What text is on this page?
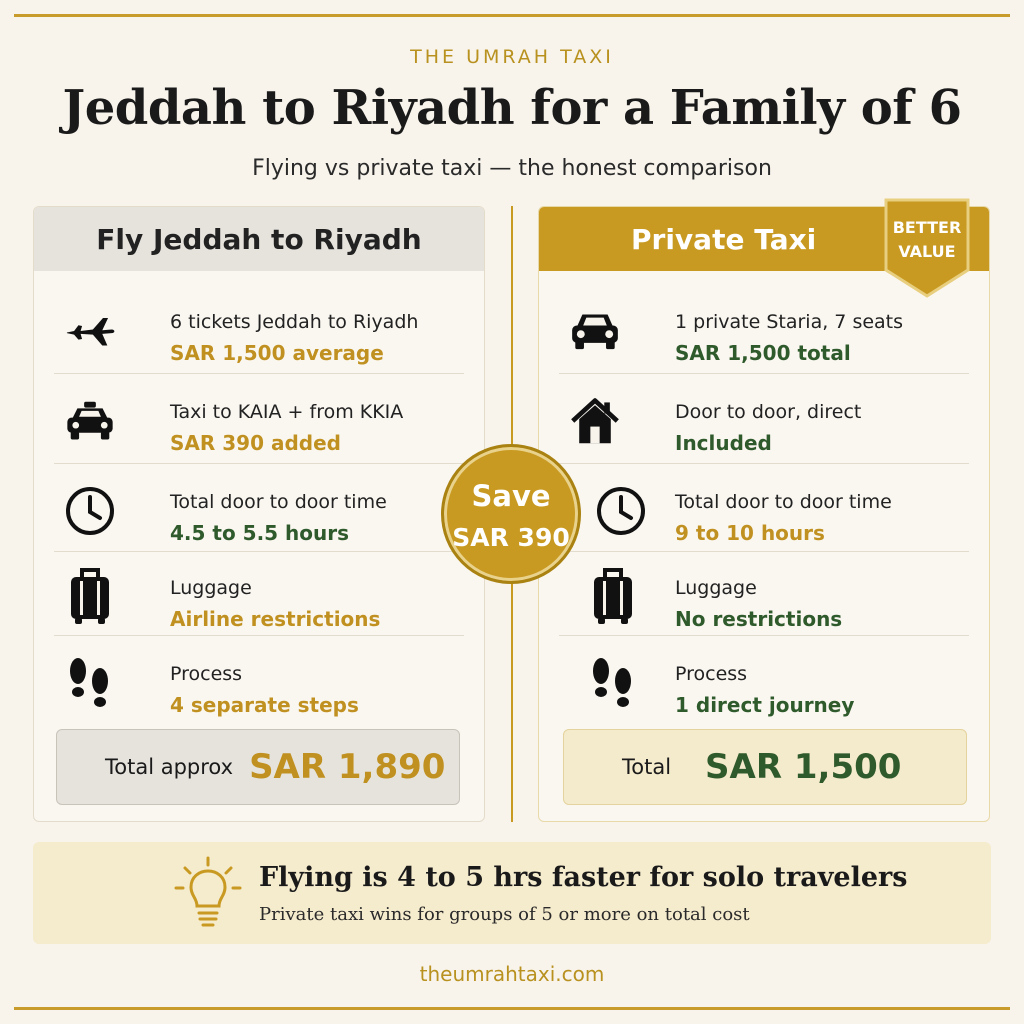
THE UMRAH TAXI
Jeddah to Riyadh for a Family of 6
Flying vs private taxi — the honest comparison
Fly Jeddah to Riyadh
6 tickets Jeddah to Riyadh
SAR 1,500 average
Taxi to KAIA + from KKIA
SAR 390 added
Total door to door time
4.5 to 5.5 hours
Luggage
Airline restrictions
Process
4 separate steps
Total approx SAR 1,890
Private Taxi
1 private Staria, 7 seats
SAR 1,500 total
Door to door, direct
Included
Total door to door time
9 to 10 hours
Luggage
No restrictions
Process
1 direct journey
Total SAR 1,500
BETTER
VALUE
Save
SAR 390
Flying is 4 to 5 hrs faster for solo travelers
Private taxi wins for groups of 5 or more on total cost
theumrahtaxi.com
